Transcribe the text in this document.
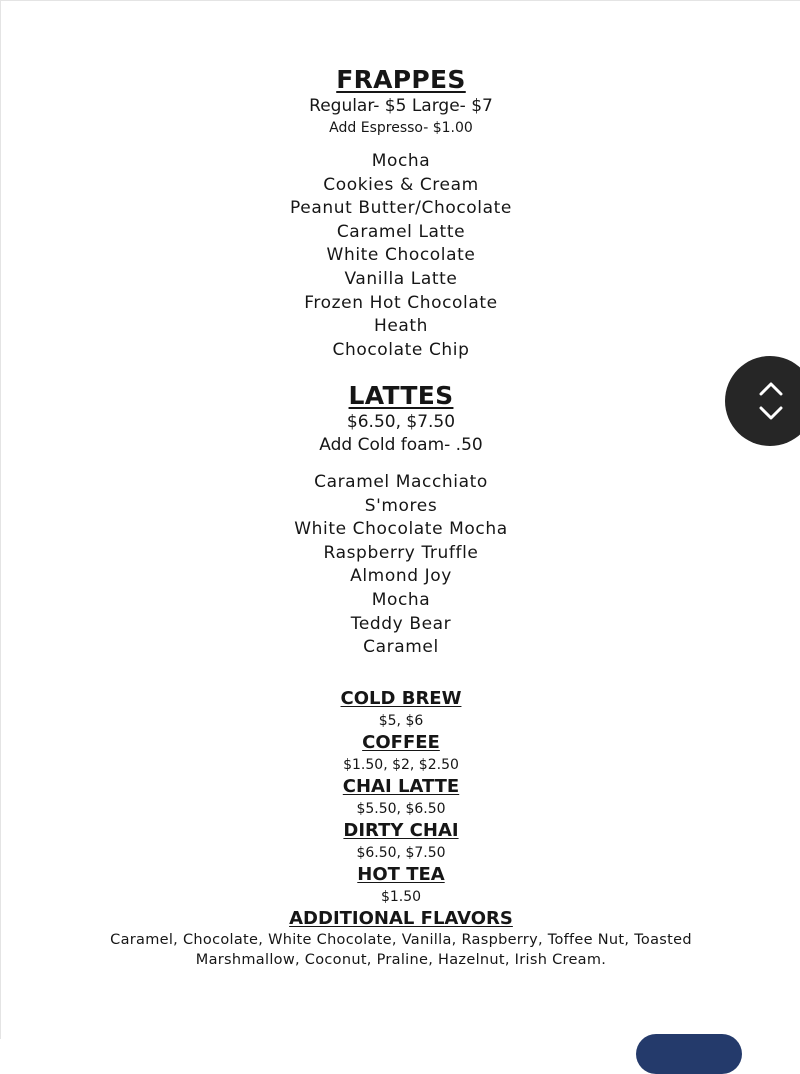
FRAPPES

Regular- $5 Large- $7

Add Espresso- $1.00

Mocha
Cookies & Cream
Peanut Butter/Chocolate
Caramel Latte
White Chocolate
Vanilla Latte
Frozen Hot Chocolate
Heath
Chocolate Chip
LATTES

$6.50, $7.50

Add Cold foam- .50

Caramel Macchiato
S'mores
White Chocolate Mocha
Raspberry Truffle
Almond Joy
Mocha
Teddy Bear
Caramel
COLD BREW

$5, $6

COFFEE

$1.50, $2, $2.50

CHAI LATTE

$5.50, $6.50

DIRTY CHAI

$6.50, $7.50

HOT TEA

$1.50

ADDITIONAL FLAVORS

Caramel, Chocolate, White Chocolate, Vanilla, Raspberry, Toffee Nut, Toasted Marshmallow, Coconut, Praline, Hazelnut, Irish Cream.
